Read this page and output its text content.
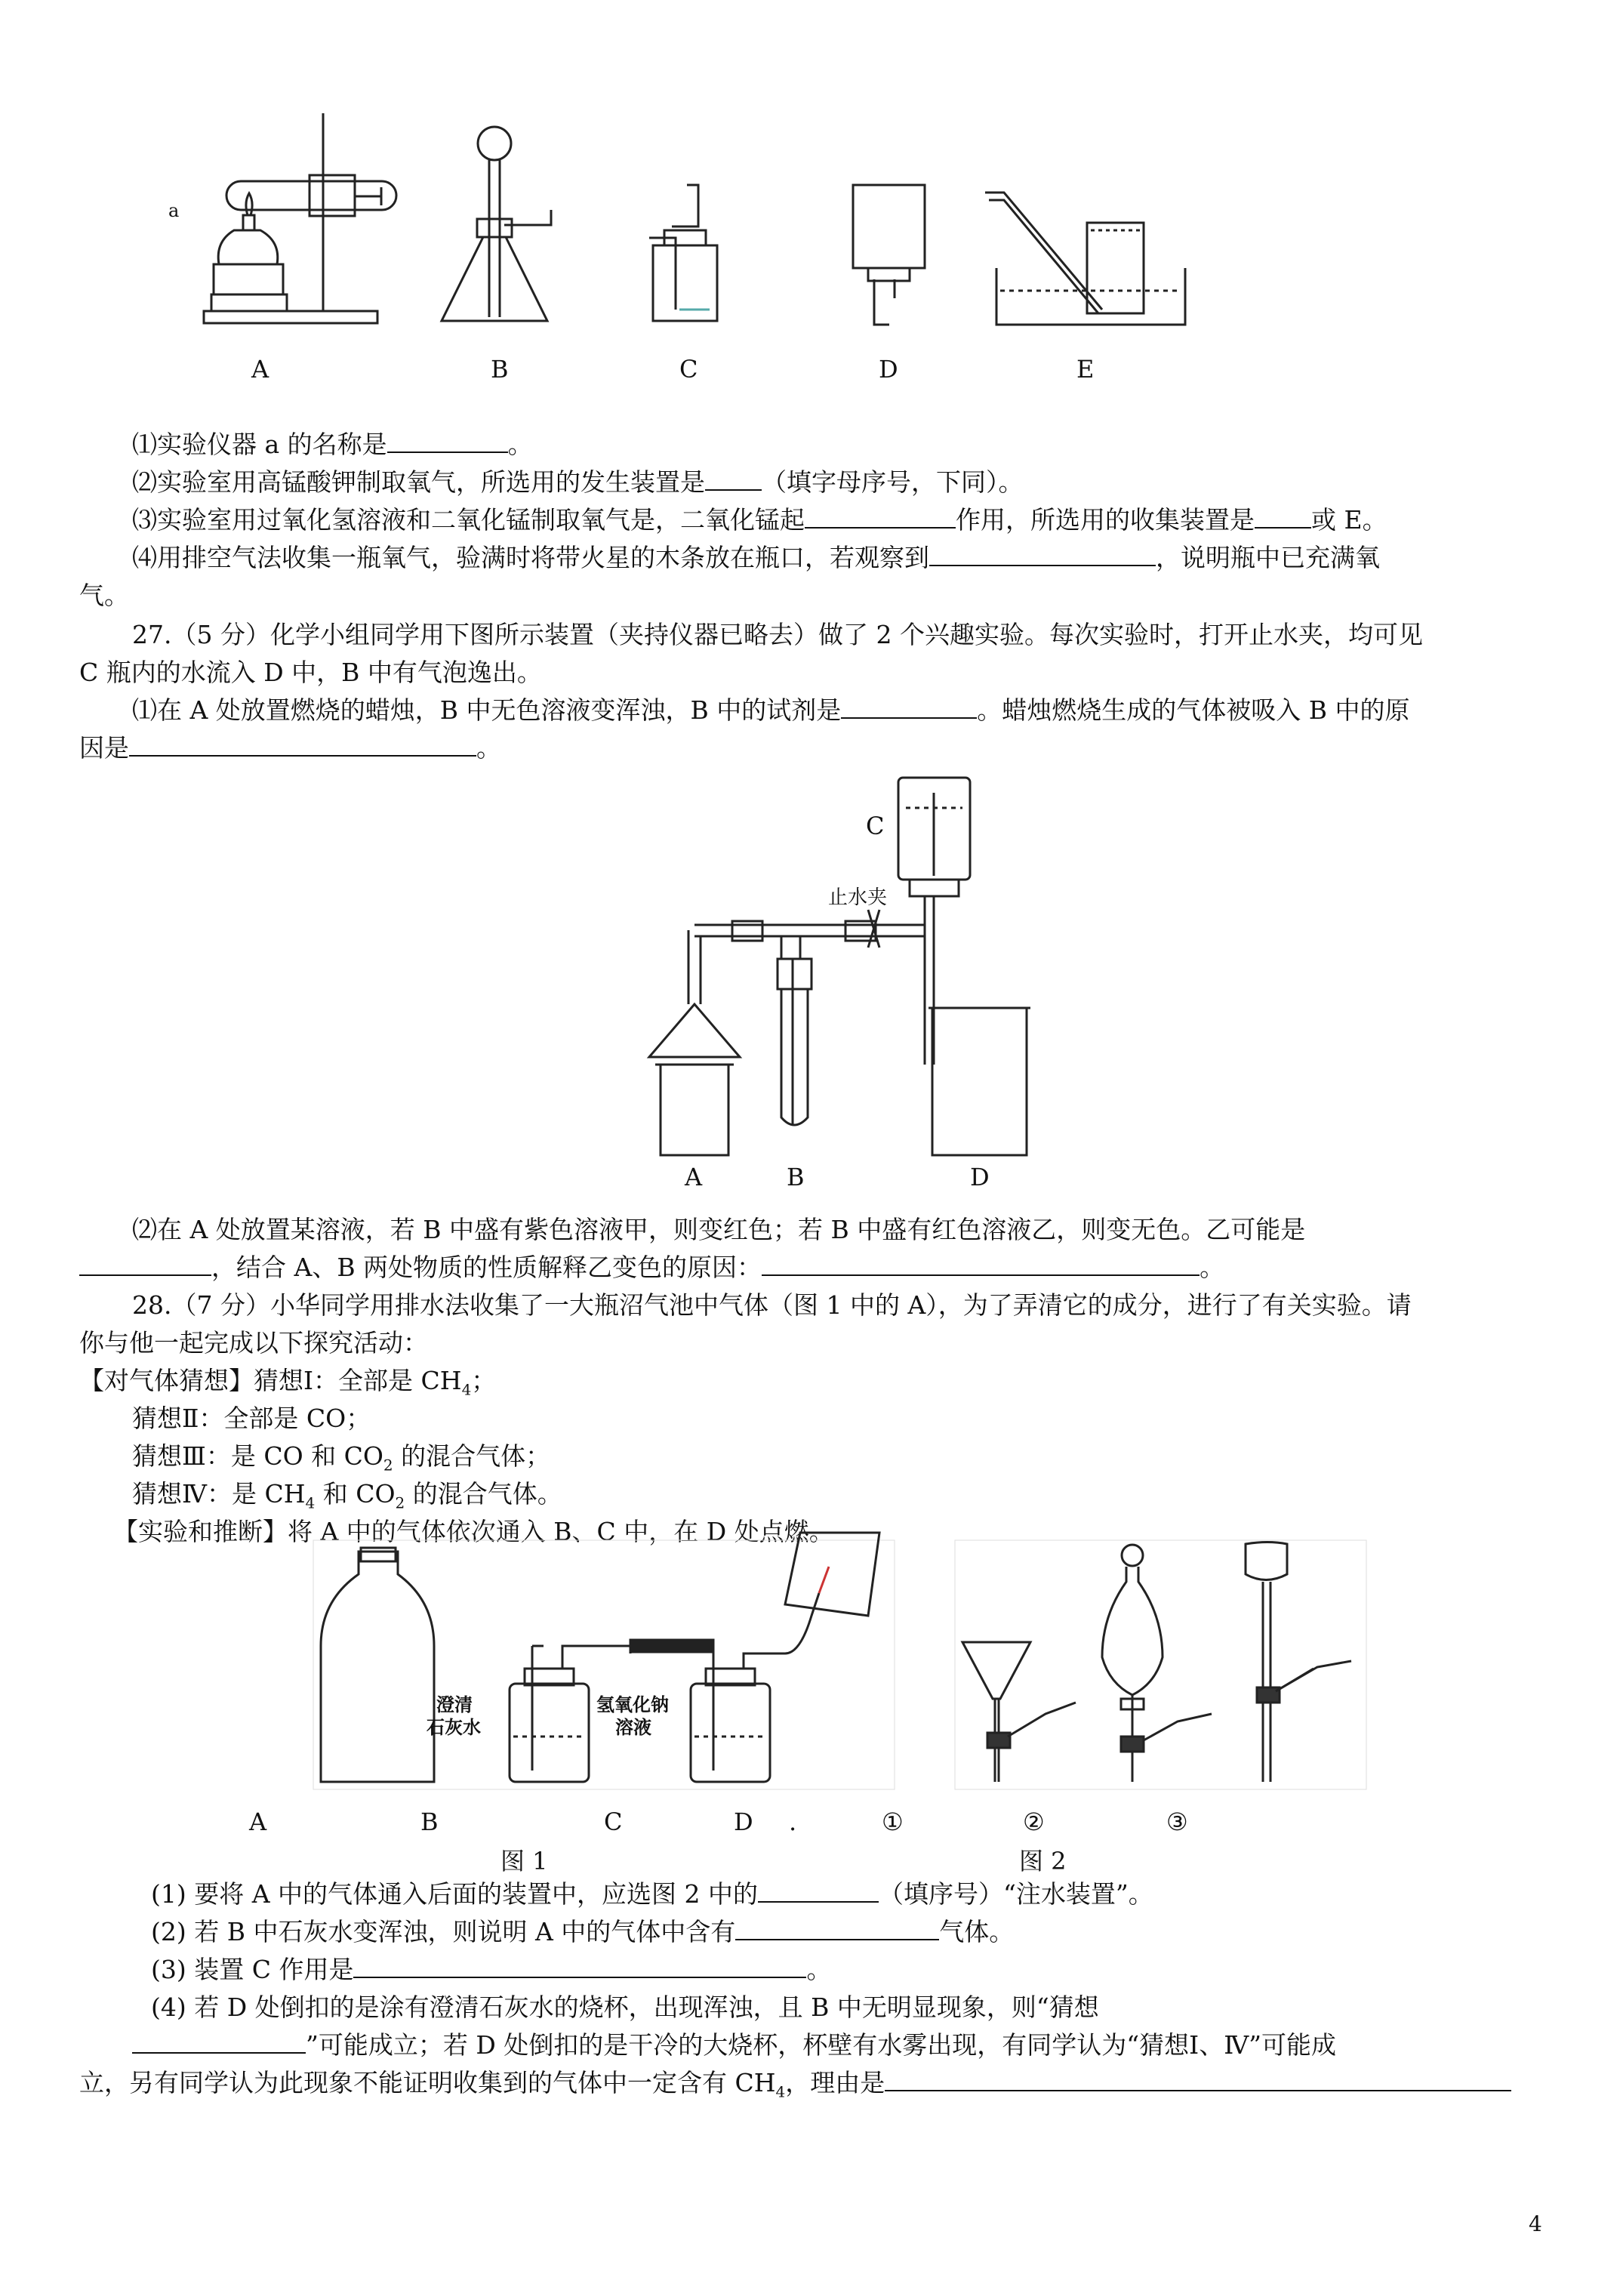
a
A	B	C	D	E
⑴实验仪器 a 的名称是	。
⑵实验室用高锰酸钾制取氧气，所选用的发生装置是 （填字母序号，下同）。
⑶实验室用过氧化氢溶液和二氧化锰制取氧气是，二氧化锰起	作用，所选用的收集装置是 或 E。
⑷用排空气法收集一瓶氧气，验满时将带火星的木条放在瓶口，若观察到	，说明瓶中已充满氧
气。
27.（5 分）化学小组同学用下图所示装置（夹持仪器已略去）做了 2 个兴趣实验。每次实验时，打开止水夹，均可见
C 瓶内的水流入 D 中，B 中有气泡逸出。
⑴在 A 处放置燃烧的蜡烛，B 中无色溶液变浑浊，B 中的试剂是	。蜡烛燃烧生成的气体被吸入 B 中的原
因是	。
C
止水夹
A	B	D
⑵在 A 处放置某溶液，若 B 中盛有紫色溶液甲，则变红色；若 B 中盛有红色溶液乙，则变无色。乙可能是
，结合 A、B 两处物质的性质解释乙变色的原因：	。
28.（7 分）小华同学用排水法收集了一大瓶沼气池中气体（图 1 中的 A），为了弄清它的成分，进行了有关实验。请
你与他一起完成以下探究活动：
【对气体猜想】猜想Ⅰ：全部是 $CH_4$；
猜想Ⅱ：全部是 CO；
猜想Ⅲ：是 CO 和 $CO_2$ 的混合气体；
猜想Ⅳ：是 $CH_4$ 和 $CO_2$ 的混合气体。
【实验和推断】将 A 中的气体依次通入 B、C 中，在 D 处点燃。
澄清
石灰水
氢氧化钠
溶液
A	B	C	D .	①	②	③
图 1	图 2
(1) 要将 A 中的气体通入后面的装置中，应选图 2 中的	（填序号）“注水装置”。
(2) 若 B 中石灰水变浑浊，则说明 A 中的气体中含有	气体。
(3) 装置 C 作用是	。
(4) 若 D 处倒扣的是涂有澄清石灰水的烧杯，出现浑浊，且 B 中无明显现象，则“猜想
”可能成立；若 D 处倒扣的是干冷的大烧杯，杯壁有水雾出现，有同学认为“猜想Ⅰ、Ⅳ”可能成
立，另有同学认为此现象不能证明收集到的气体中一定含有 $CH_4$，理由是
4
